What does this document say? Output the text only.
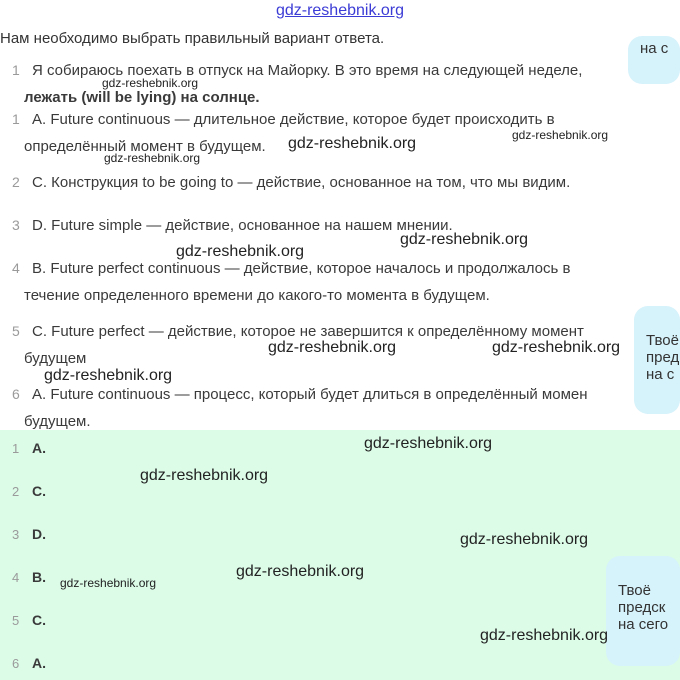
gdz-reshebnik.org
Нам необходимо выбрать правильный вариант ответа.
1 Я собираюсь поехать в отпуск на Майорку. В это время на следующей неделе,
лежать (will be lying) на солнце.
1 A. Future continuous — длительное действие, которое будет происходить в
определённый момент в будущем.
2 C. Конструкция to be going to — действие, основанное на том, что мы видим.
3 D. Future simple — действие, основанное на нашем мнении.
4 B. Future perfect continuous — действие, которое началось и продолжалось в
течение определенного времени до какого-то момента в будущем.
5 C. Future perfect — действие, которое не завершится к определённому момент
будущем
6 A. Future continuous — процесс, который будет длиться в определённый момен
будущем.
1 A.
2 C.
3 D.
4 B.
5 C.
6 A.
на с
Твоё
пред
на с
Твоё
предск
на сего
gdz-reshebnik.org
gdz-reshebnik.org
gdz-reshebnik.org
gdz-reshebnik.org
gdz-reshebnik.org
gdz-reshebnik.org
gdz-reshebnik.org	gdz-reshebnik.org
gdz-reshebnik.org
gdz-reshebnik.org
gdz-reshebnik.org
gdz-reshebnik.org
gdz-reshebnik.org
gdz-reshebnik.org
gdz-reshebnik.org
